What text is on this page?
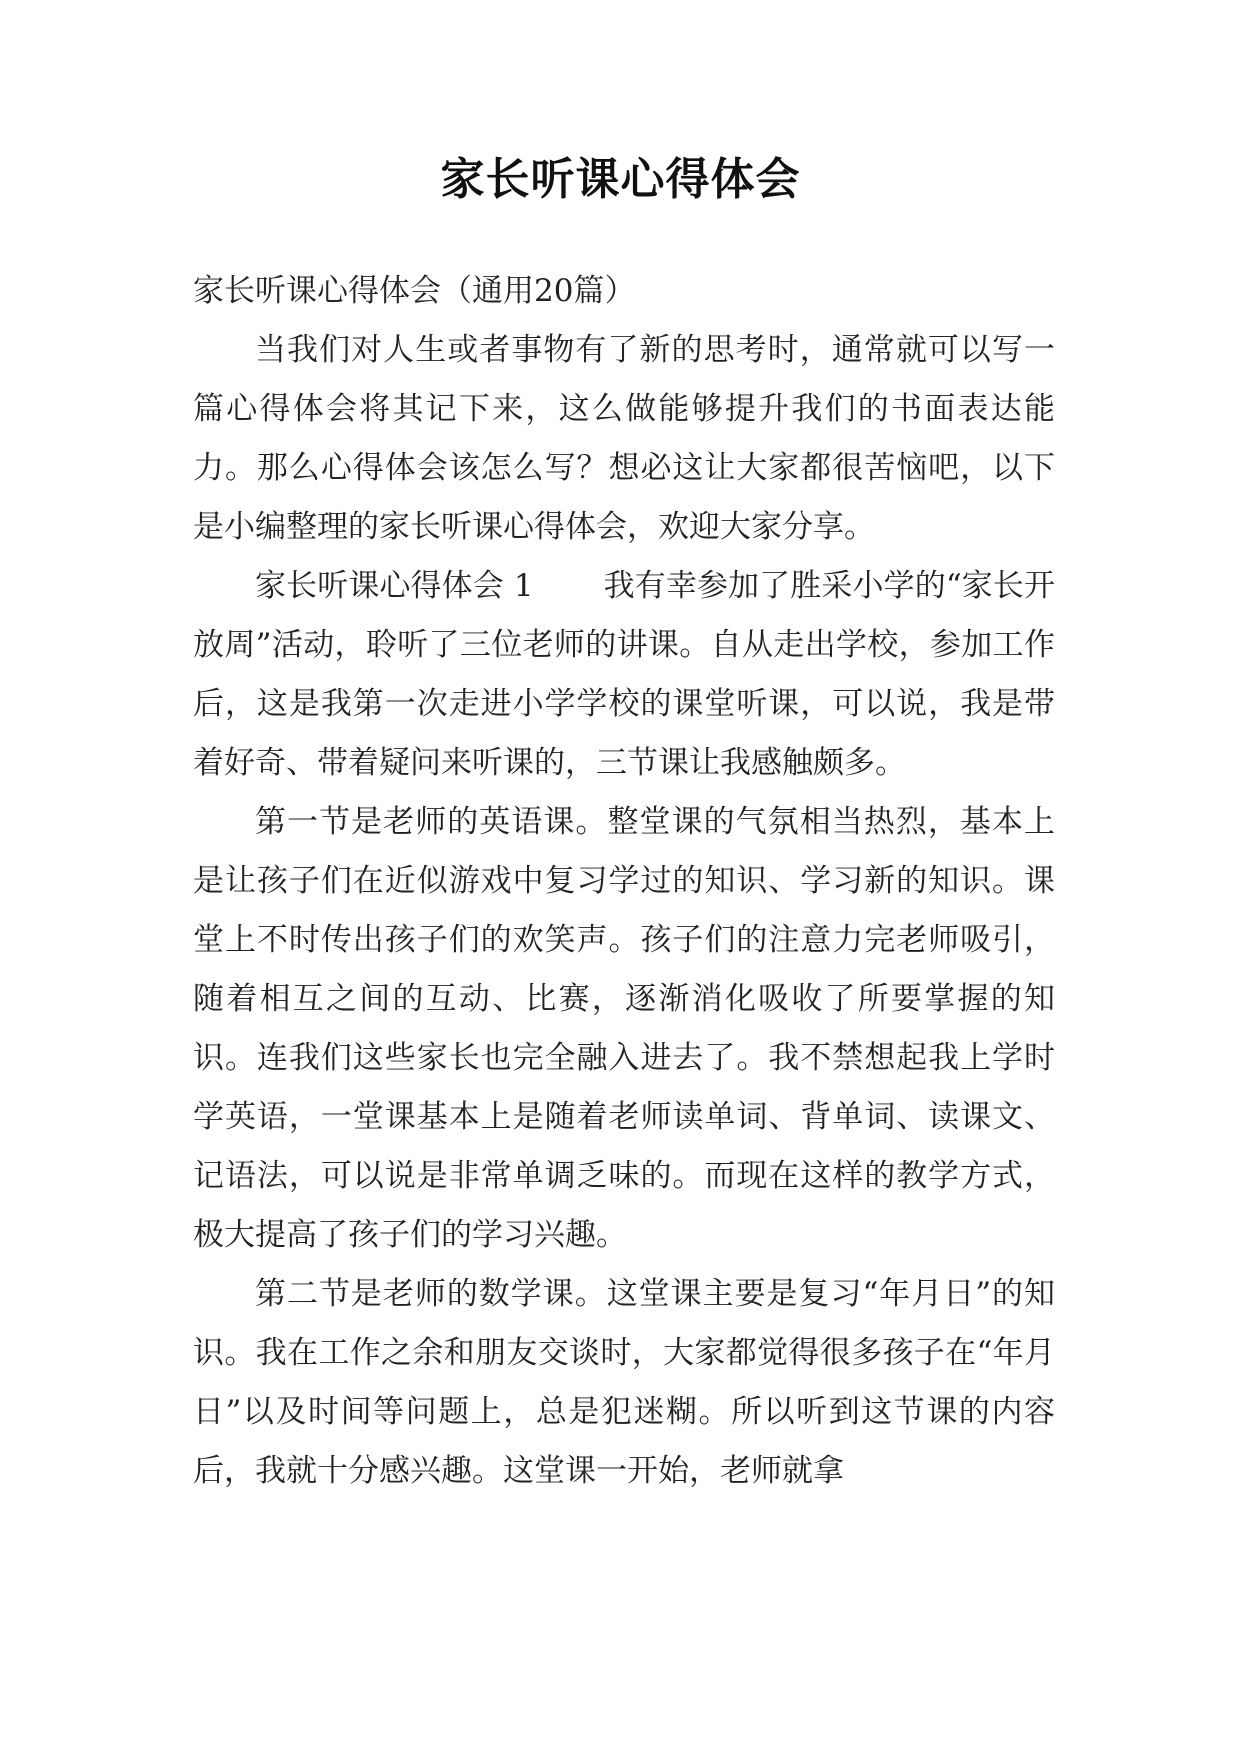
家长听课心得体会

家长听课心得体会（通用20篇）

当我们对人生或者事物有了新的思考时，通常就可以写一篇心得体会将其记下来，这么做能够提升我们的书面表达能力。那么心得体会该怎么写？想必这让大家都很苦恼吧，以下是小编整理的家长听课心得体会，欢迎大家分享。

家长听课心得体会 1 我有幸参加了胜采小学的“家长开放周”活动，聆听了三位老师的讲课。自从走出学校，参加工作后，这是我第一次走进小学学校的课堂听课，可以说，我是带着好奇、带着疑问来听课的，三节课让我感触颇多。

第一节是老师的英语课。整堂课的气氛相当热烈，基本上是让孩子们在近似游戏中复习学过的知识、学习新的知识。课堂上不时传出孩子们的欢笑声。孩子们的注意力完老师吸引，随着相互之间的互动、比赛，逐渐消化吸收了所要掌握的知识。连我们这些家长也完全融入进去了。我不禁想起我上学时学英语，一堂课基本上是随着老师读单词、背单词、读课文、记语法，可以说是非常单调乏味的。而现在这样的教学方式，极大提高了孩子们的学习兴趣。

第二节是老师的数学课。这堂课主要是复习“年月日”的知识。我在工作之余和朋友交谈时，大家都觉得很多孩子在“年月日”以及时间等问题上，总是犯迷糊。所以听到这节课的内容后，我就十分感兴趣。这堂课一开始，老师就拿
